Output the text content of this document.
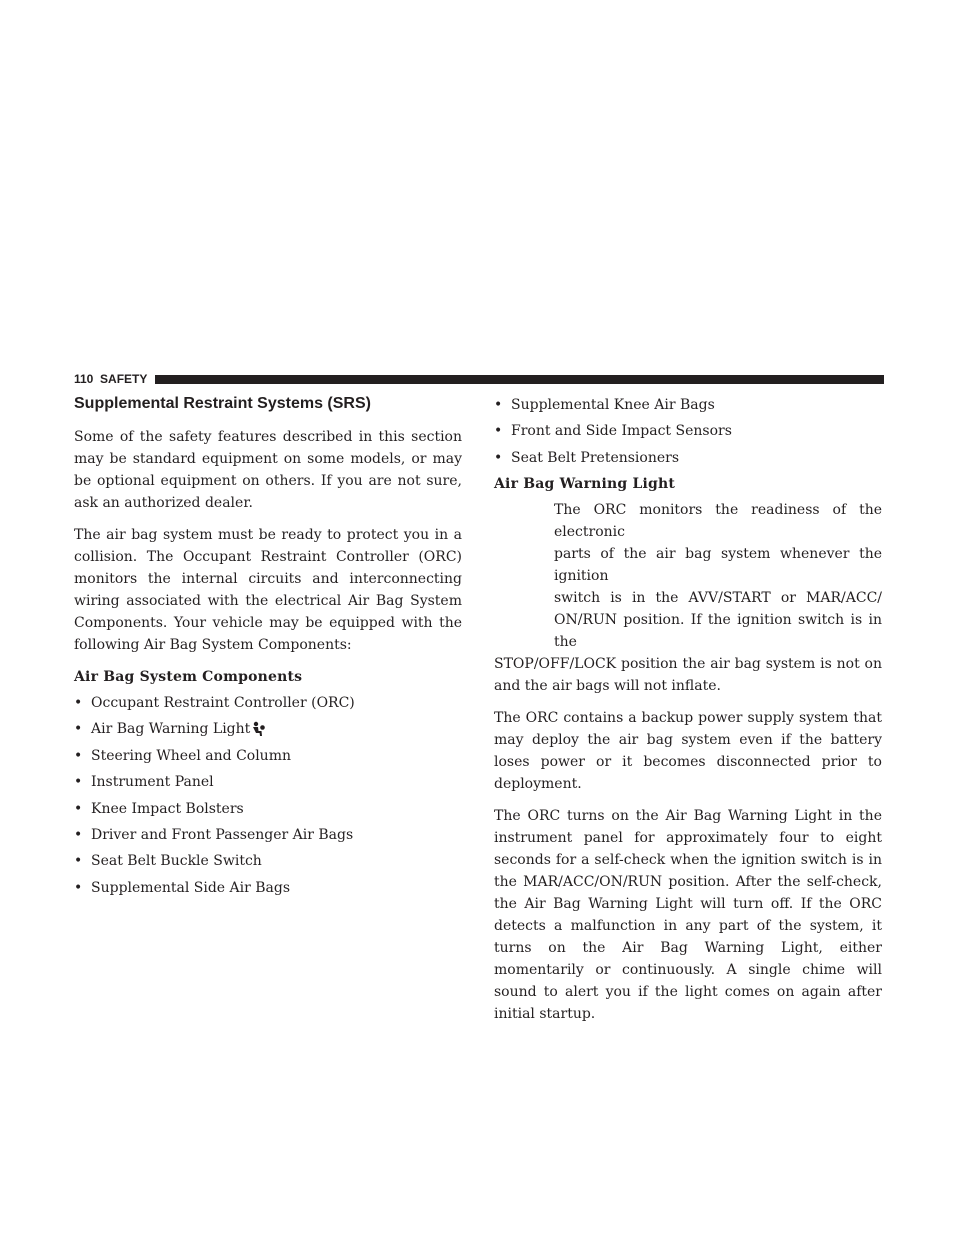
110 SAFETY
Supplemental Restraint Systems (SRS)

Some of the safety features described in this section may be standard equipment on some models, or may be optional equipment on others. If you are not sure, ask an authorized dealer.

The air bag system must be ready to protect you in a collision. The Occupant Restraint Controller (ORC) monitors the internal circuits and interconnecting wiring associated with the electrical Air Bag System Components. Your vehicle may be equipped with the following Air Bag System Components:

Air Bag System Components
• Occupant Restraint Controller (ORC)
• Air Bag Warning Light
• Steering Wheel and Column
• Instrument Panel
• Knee Impact Bolsters
• Driver and Front Passenger Air Bags
• Seat Belt Buckle Switch
• Supplemental Side Air Bags
• Supplemental Knee Air Bags
• Front and Side Impact Sensors
• Seat Belt Pretensioners
Air Bag Warning Light
The ORC monitors the readiness of the electronic
parts of the air bag system whenever the ignition
switch is in the AVV/START or MAR/ACC/
ON/RUN position. If the ignition switch is in the
STOP/OFF/LOCK position the air bag system is not on and the air bags will not inflate.

The ORC contains a backup power supply system that may deploy the air bag system even if the battery loses power or it becomes disconnected prior to deployment.

The ORC turns on the Air Bag Warning Light in the instrument panel for approximately four to eight seconds for a self-check when the ignition switch is in the MAR/ACC/ON/RUN position. After the self-check, the Air Bag Warning Light will turn off. If the ORC detects a malfunction in any part of the system, it turns on the Air Bag Warning Light, either momentarily or continuously. A single chime will sound to alert you if the light comes on again after initial startup.
